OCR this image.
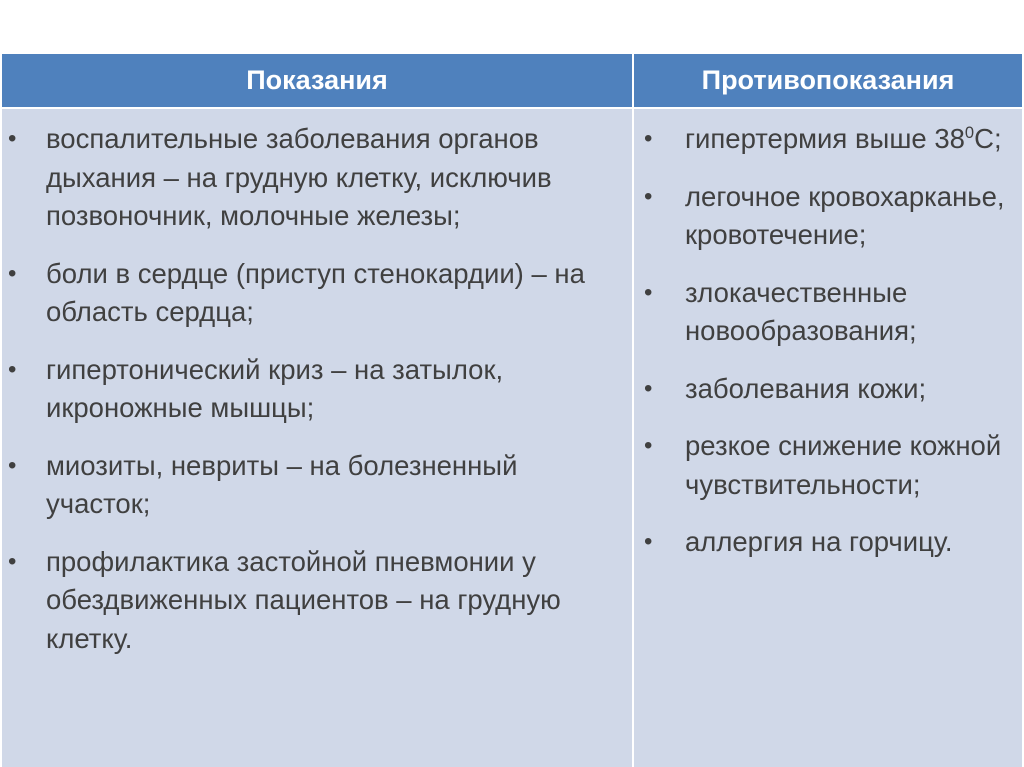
Показания	Противопоказания
• воспалительные заболевания органов дыхания – на грудную клетку, исключив позвоночник, молочные железы;
• боли в сердце (приступ стенокардии) – на область сердца;
• гипертонический криз – на затылок, икроножные мышцы;
• миозиты, невриты – на болезненный участок;
• профилактика застойной пневмонии у обездвиженных пациентов – на грудную клетку.
• гипертермия выше $38^0С$;
• легочное кровохарканье, кровотечение;
• злокачественные новообразования;
• заболевания кожи;
• резкое снижение кожной чувствительности;
• аллергия на горчицу.
